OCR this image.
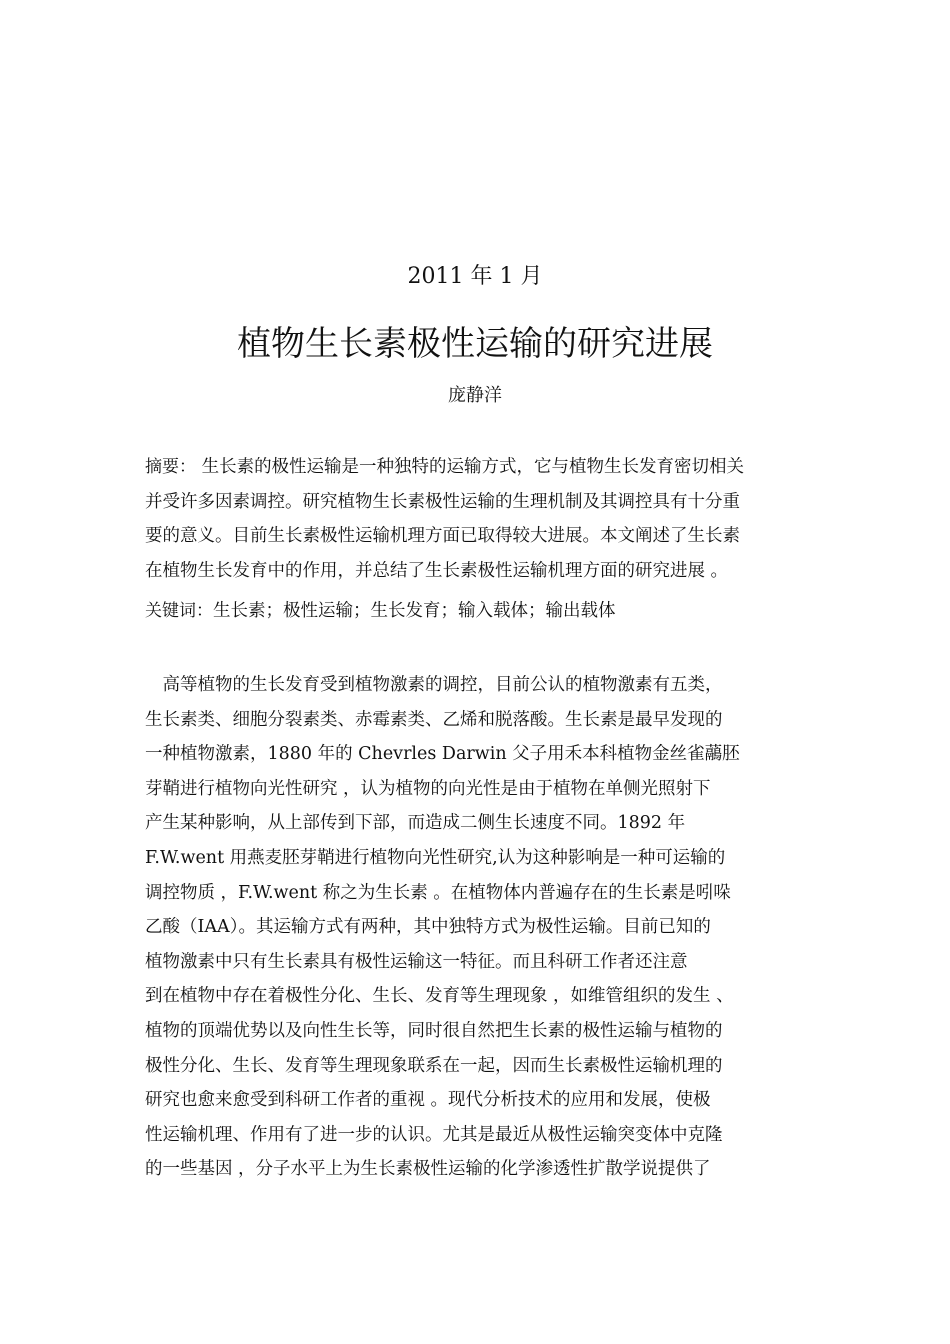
2011 年 1 月
植物生长素极性运输的研究进展
庞静洋
摘要： 生长素的极性运输是一种独特的运输方式，它与植物生长发育密切相关
并受许多因素调控。研究植物生长素极性运输的生理机制及其调控具有十分重
要的意义。目前生长素极性运输机理方面已取得较大进展。本文阐述了生长素
在植物生长发育中的作用，并总结了生长素极性运输机理方面的研究进展 。
关键词：生长素；极性运输；生长发育；输入载体；输出载体
　高等植物的生长发育受到植物激素的调控，目前公认的植物激素有五类，
生长素类、细胞分裂素类、赤霉素类、乙烯和脱落酸。生长素是最早发现的
一种植物激素，1880 年的 Chevrles Darwin 父子用禾本科植物金丝雀虉胚
芽鞘进行植物向光性研究 ，认为植物的向光性是由于植物在单侧光照射下
产生某种影响，从上部传到下部，而造成二侧生长速度不同。1892 年
F.W.went 用燕麦胚芽鞘进行植物向光性研究,认为这种影响是一种可运输的
调控物质 ，F.W.went 称之为生长素 。在植物体内普遍存在的生长素是吲哚
乙酸（IAA）。其运输方式有两种，其中独特方式为极性运输。目前已知的
植物激素中只有生长素具有极性运输这一特征。而且科研工作者还注意
到在植物中存在着极性分化、生长、发育等生理现象 ，如维管组织的发生 、
植物的顶端优势以及向性生长等，同时很自然把生长素的极性运输与植物的
极性分化、生长、发育等生理现象联系在一起，因而生长素极性运输机理的
研究也愈来愈受到科研工作者的重视 。现代分析技术的应用和发展，使极
性运输机理、作用有了进一步的认识。尤其是最近从极性运输突变体中克隆
的一些基因 ，分子水平上为生长素极性运输的化学渗透性扩散学说提供了
